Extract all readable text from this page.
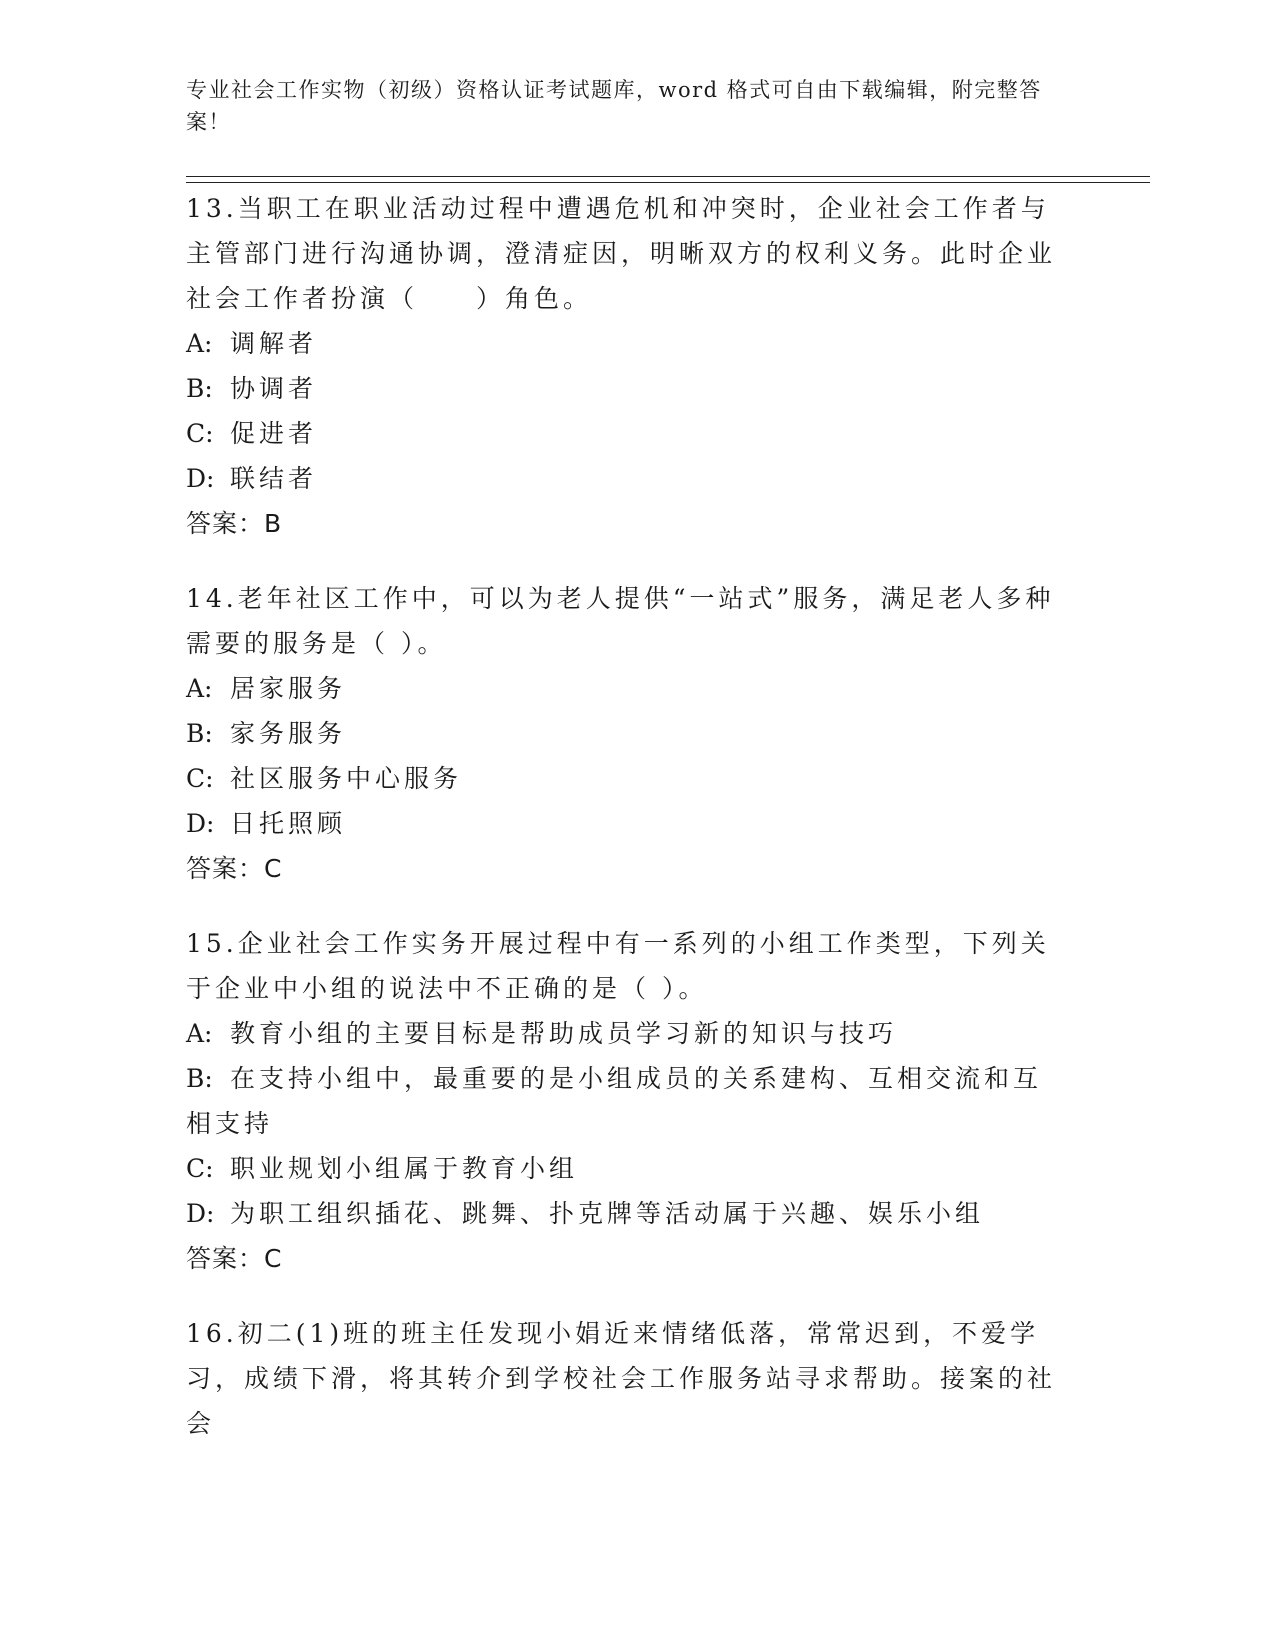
专业社会工作实物（初级）资格认证考试题库，word 格式可自由下载编辑，附完整答案！

13.当职工在职业活动过程中遭遇危机和冲突时，企业社会工作者与主管部门进行沟通协调，澄清症因，明晰双方的权利义务。此时企业社会工作者扮演（　　）角色。

A: 调解者

B: 协调者

C: 促进者

D: 联结者

答案：B

14.老年社区工作中，可以为老人提供“一站式”服务，满足老人多种需要的服务是（ ）。

A: 居家服务

B: 家务服务

C: 社区服务中心服务

D: 日托照顾

答案：C

15.企业社会工作实务开展过程中有一系列的小组工作类型，下列关于企业中小组的说法中不正确的是（ ）。

A: 教育小组的主要目标是帮助成员学习新的知识与技巧

B: 在支持小组中，最重要的是小组成员的关系建构、互相交流和互相支持

C: 职业规划小组属于教育小组

D: 为职工组织插花、跳舞、扑克牌等活动属于兴趣、娱乐小组

答案：C

16.初二(1)班的班主任发现小娟近来情绪低落，常常迟到，不爱学习，成绩下滑，将其转介到学校社会工作服务站寻求帮助。接案的社会
